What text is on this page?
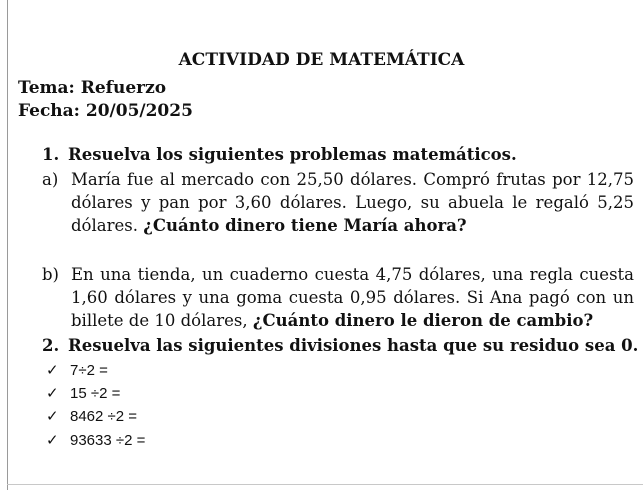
ACTIVIDAD DE MATEMÁTICA
Tema: Refuerzo
Fecha: 20/05/2025
1. Resuelva los siguientes problemas matemáticos.
a) María fue al mercado con 25,50 dólares. Compró frutas por 12,75 dólares y pan por 3,60 dólares. Luego, su abuela le regaló 5,25 dólares. ¿Cuánto dinero tiene María ahora?
b) En una tienda, un cuaderno cuesta 4,75 dólares, una regla cuesta 1,60 dólares y una goma cuesta 0,95 dólares. Si Ana pagó con un billete de 10 dólares, ¿Cuánto dinero le dieron de cambio?
2. Resuelva las siguientes divisiones hasta que su residuo sea 0.
✓ 7÷2 =
✓ 15 ÷2 =
✓ 8462 ÷2 =
✓ 93633 ÷2 =
